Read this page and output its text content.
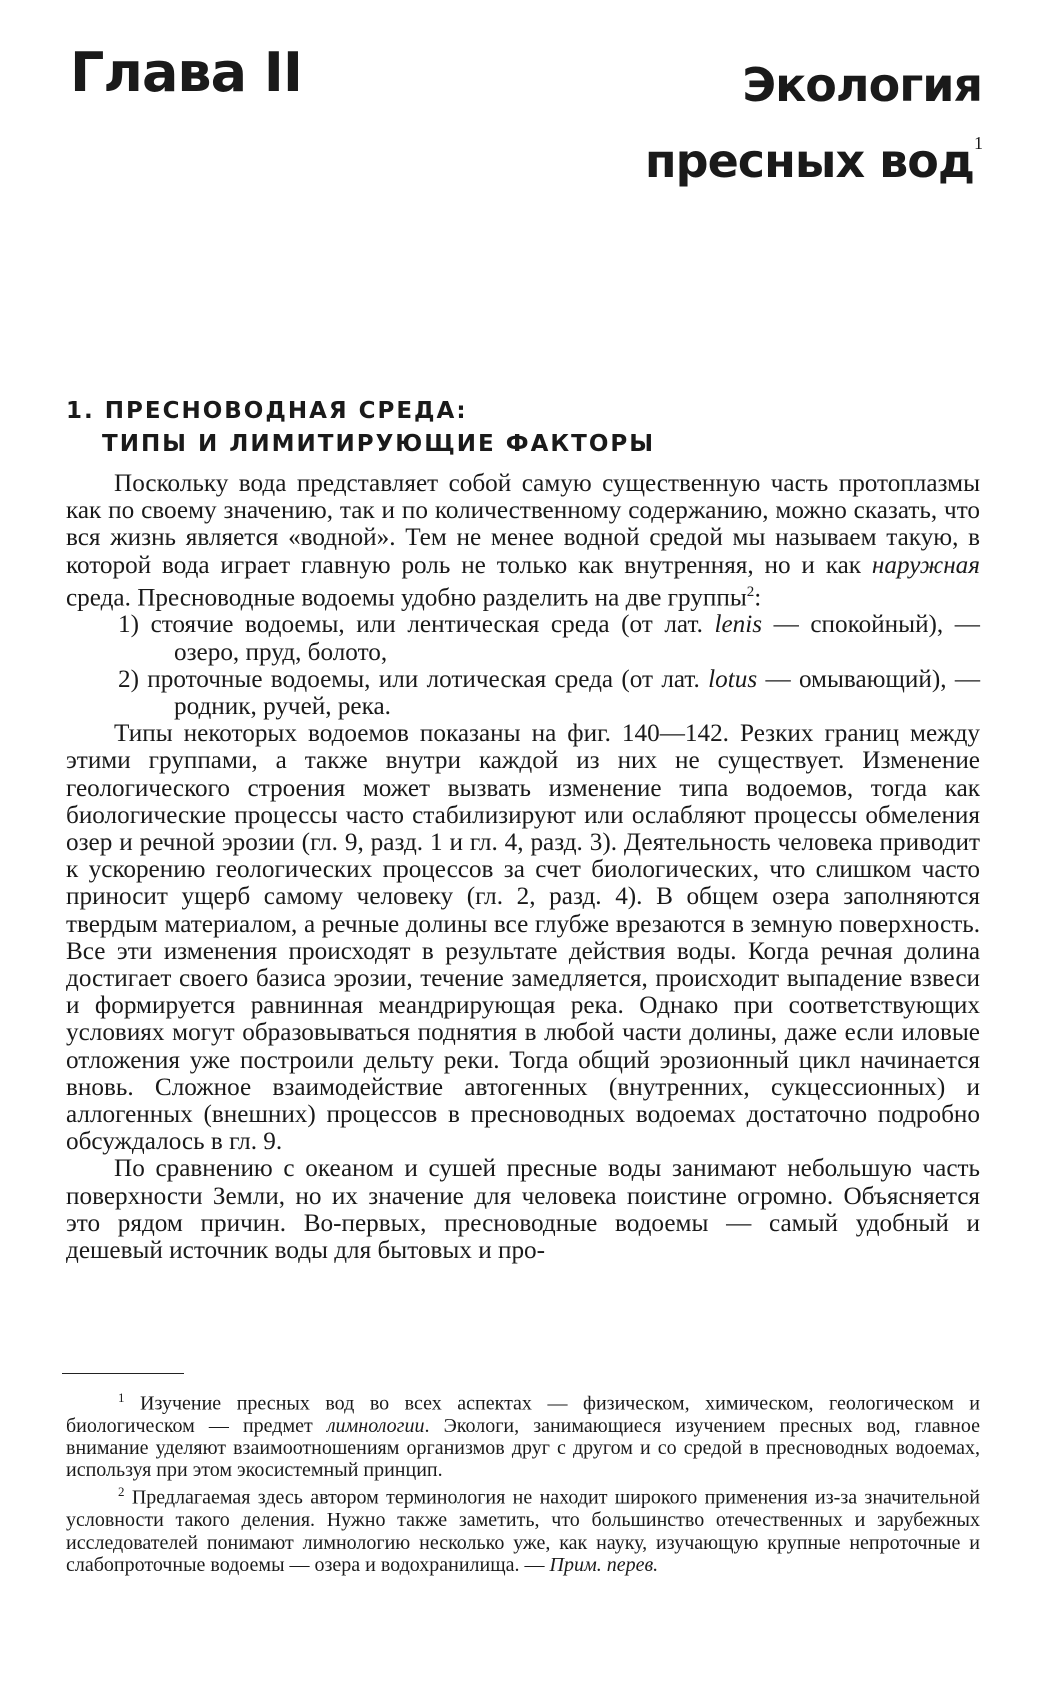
Глава II	Экология
пресных вод$^1$
1. ПРЕСНОВОДНАЯ СРЕДА:
ТИПЫ И ЛИМИТИРУЮЩИЕ ФАКТОРЫ

Поскольку вода представляет собой самую существенную часть протоплазмы как по своему значению, так и по количественному содержанию, можно сказать, что вся жизнь является «водной». Тем не менее водной средой мы называем такую, в которой вода играет главную роль не только как внутренняя, но и как наружная среда. Пресноводные водоемы удобно разделить на две группы$^2$:

1) стоячие водоемы, или лентическая среда (от лат. lenis — спокойный), — озеро, пруд, болото,
2) проточные водоемы, или лотическая среда (от лат. lotus — омывающий), — родник, ручей, река.

Типы некоторых водоемов показаны на фиг. 140—142. Резких границ между этими группами, а также внутри каждой из них не существует. Изменение геологического строения может вызвать изменение типа водоемов, тогда как биологические процессы часто стабилизируют или ослабляют процессы обмеления озер и речной эрозии (гл. 9, разд. 1 и гл. 4, разд. 3). Деятельность человека приводит к ускорению геологических процессов за счет биологических, что слишком часто приносит ущерб самому человеку (гл. 2, разд. 4). В общем озера заполняются твердым материалом, а речные долины все глубже врезаются в земную поверхность. Все эти изменения происходят в результате действия воды. Когда речная долина достигает своего базиса эрозии, течение замедляется, происходит выпадение взвеси и формируется равнинная меандрирующая река. Однако при соответствующих условиях могут образовываться поднятия в любой части долины, даже если иловые отложения уже построили дельту реки. Тогда общий эрозионный цикл начинается вновь. Сложное взаимодействие автогенных (внутренних, сукцессионных) и аллогенных (внешних) процессов в пресноводных водоемах достаточно подробно обсуждалось в гл. 9.

По сравнению с океаном и сушей пресные воды занимают небольшую часть поверхности Земли, но их значение для человека поистине огромно. Объясняется это рядом причин. Во-первых, пресноводные водоемы — самый удобный и дешевый источник воды для бытовых и про-

$^1$ Изучение пресных вод во всех аспектах — физическом, химическом, геологическом и биологическом — предмет лимнологии. Экологи, занимающиеся изучением пресных вод, главное внимание уделяют взаимоотношениям организмов друг с другом и со средой в пресноводных водоемах, используя при этом экосистемный принцип.

$^2$ Предлагаемая здесь автором терминология не находит широкого применения из-за значительной условности такого деления. Нужно также заметить, что большинство отечественных и зарубежных исследователей понимают лимнологию несколько уже, как науку, изучающую крупные непроточные и слабопроточные водоемы — озера и водохранилища. — Прим. перев.
